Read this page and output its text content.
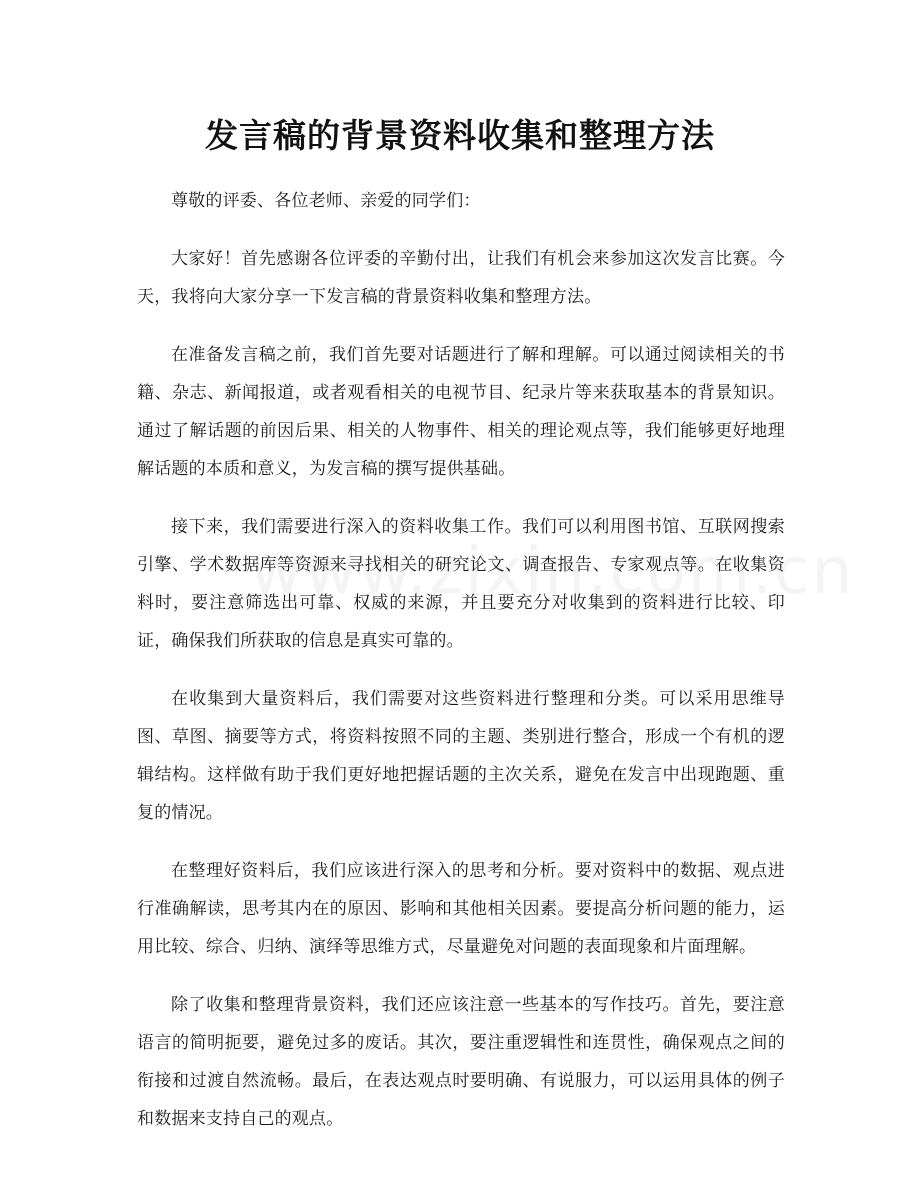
发言稿的背景资料收集和整理方法

尊敬的评委、各位老师、亲爱的同学们：

大家好！首先感谢各位评委的辛勤付出，让我们有机会来参加这次发言比赛。今天，我将向大家分享一下发言稿的背景资料收集和整理方法。

在准备发言稿之前，我们首先要对话题进行了解和理解。可以通过阅读相关的书籍、杂志、新闻报道，或者观看相关的电视节目、纪录片等来获取基本的背景知识。通过了解话题的前因后果、相关的人物事件、相关的理论观点等，我们能够更好地理解话题的本质和意义，为发言稿的撰写提供基础。

接下来，我们需要进行深入的资料收集工作。我们可以利用图书馆、互联网搜索引擎、学术数据库等资源来寻找相关的研究论文、调查报告、专家观点等。在收集资料时，要注意筛选出可靠、权威的来源，并且要充分对收集到的资料进行比较、印证，确保我们所获取的信息是真实可靠的。

在收集到大量资料后，我们需要对这些资料进行整理和分类。可以采用思维导图、草图、摘要等方式，将资料按照不同的主题、类别进行整合，形成一个有机的逻辑结构。这样做有助于我们更好地把握话题的主次关系，避免在发言中出现跑题、重复的情况。

在整理好资料后，我们应该进行深入的思考和分析。要对资料中的数据、观点进行准确解读，思考其内在的原因、影响和其他相关因素。要提高分析问题的能力，运用比较、综合、归纳、演绎等思维方式，尽量避免对问题的表面现象和片面理解。

除了收集和整理背景资料，我们还应该注意一些基本的写作技巧。首先，要注意语言的简明扼要，避免过多的废话。其次，要注重逻辑性和连贯性，确保观点之间的衔接和过渡自然流畅。最后，在表达观点时要明确、有说服力，可以运用具体的例子和数据来支持自己的观点。
